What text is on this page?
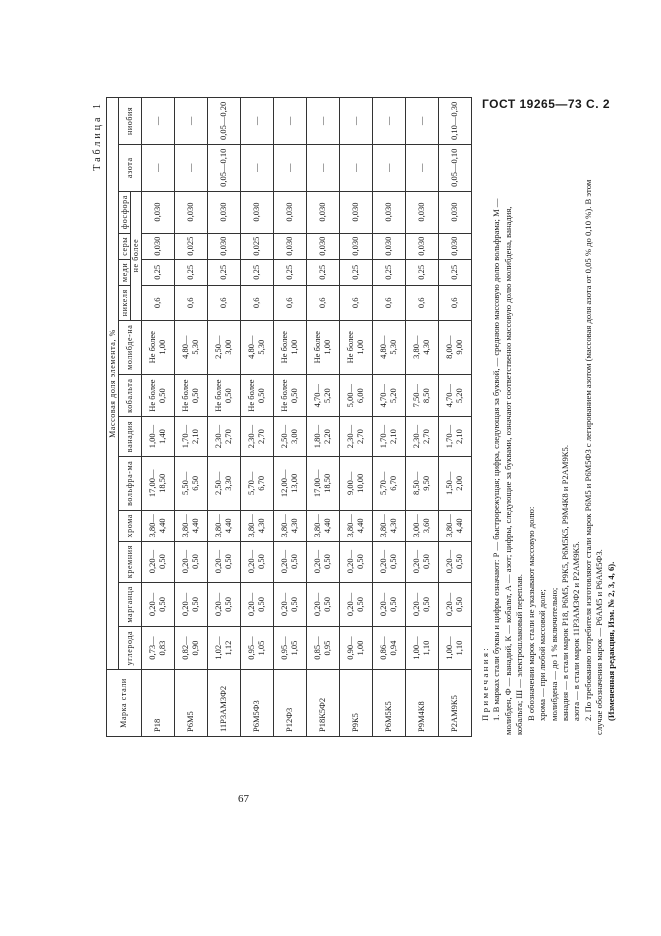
ГОСТ 19265—73 С. 2
Таблица 1
Марка стали	Массовая доля элемента, %													
	углерода	марганца	кремния	хрома	вольфра-ма	ванадия	кобальта	молибде-на	никеля	меди	серы	фосфора	азота	ниобия
									не более					
Р18	0,73— 0,83	0,20— 0,50	0,20— 0,50	3,80— 4,40	17,00— 18,50	1,00— 1,40	Не более 0,50	Не более 1,00	0,6	0,25	0,030	0,030	—	—
Р6М5	0,82— 0,90	0,20— 0,50	0,20— 0,50	3,80— 4,40	5,50— 6,50	1,70— 2,10	Не более 0,50	4,80— 5,30	0,6	0,25	0,025	0,030	—	—
11Р3АМ3Ф2	1,02— 1,12	0,20— 0,50	0,20— 0,50	3,80— 4,40	2,50— 3,30	2,30— 2,70	Не более 0,50	2,50— 3,00	0,6	0,25	0,030	0,030	0,05—0,10	0,05—0,20
Р6М5Ф3	0,95— 1,05	0,20— 0,50	0,20— 0,50	3,80— 4,30	5,70— 6,70	2,30— 2,70	Не более 0,50	4,80— 5,30	0,6	0,25	0,025	0,030	—	—
Р12Ф3	0,95— 1,05	0,20— 0,50	0,20— 0,50	3,80— 4,30	12,00— 13,00	2,50— 3,00	Не более 0,50	Не более 1,00	0,6	0,25	0,030	0,030	—	—
Р18К5Ф2	0,85— 0,95	0,20— 0,50	0,20— 0,50	3,80— 4,40	17,00— 18,50	1,80— 2,20	4,70— 5,20	Не более 1,00	0,6	0,25	0,030	0,030	—	—
Р9К5	0,90— 1,00	0,20— 0,50	0,20— 0,50	3,80— 4,40	9,00— 10,00	2,30— 2,70	5,00— 6,00	Не более 1,00	0,6	0,25	0,030	0,030	—	—
Р6М5К5	0,86— 0,94	0,20— 0,50	0,20— 0,50	3,80— 4,30	5,70— 6,70	1,70— 2,10	4,70— 5,20	4,80— 5,30	0,6	0,25	0,030	0,030	—	—
Р9М4К8	1,00— 1,10	0,20— 0,50	0,20— 0,50	3,00— 3,60	8,50— 9,50	2,30— 2,70	7,50— 8,50	3,80— 4,30	0,6	0,25	0,030	0,030	—	—
Р2АМ9К5	1,00— 1,10	0,20— 0,50	0,20— 0,50	3,80— 4,40	1,50— 2,00	1,70— 2,10	4,70— 5,20	8,00— 9,00	0,6	0,25	0,030	0,030	0,05—0,10	0,10—0,30
Примечания: 1. В марках стали буквы и цифры означают: Р — быстрорежущая; цифра, следующая за буквой, — среднюю массовую долю вольфрама; М — молибден, Ф — ванадий, К — кобальт, А — азот; цифры, следующие за буквами, означают соответственно массовую долю молибдена, ванадия, кобальта; Ш — электрошлаковый переплав. В обозначении марок стали не указывают массовую долю: хрома — при любой массовой доле; молибдена — до 1 % включительно; ванадия — в стали марок Р18, Р6М5, Р9К5, Р6М5К5, Р9М4К8 и Р2АМ9К5. азота — в стали марок 11Р3АМ3Ф2 и Р2АМ9К5. 2. По требованию потребителя изготовляют стали марок Р6М5 и Р6М5Ф3 с легированием азотом (массовая доля азота от 0,05 % до 0,10 %). В этом случае обозначения марок — Р6АМ5 и Р6АМ5Ф3. (Измененная редакция, Изм. № 2, 3, 4, 6).
67
